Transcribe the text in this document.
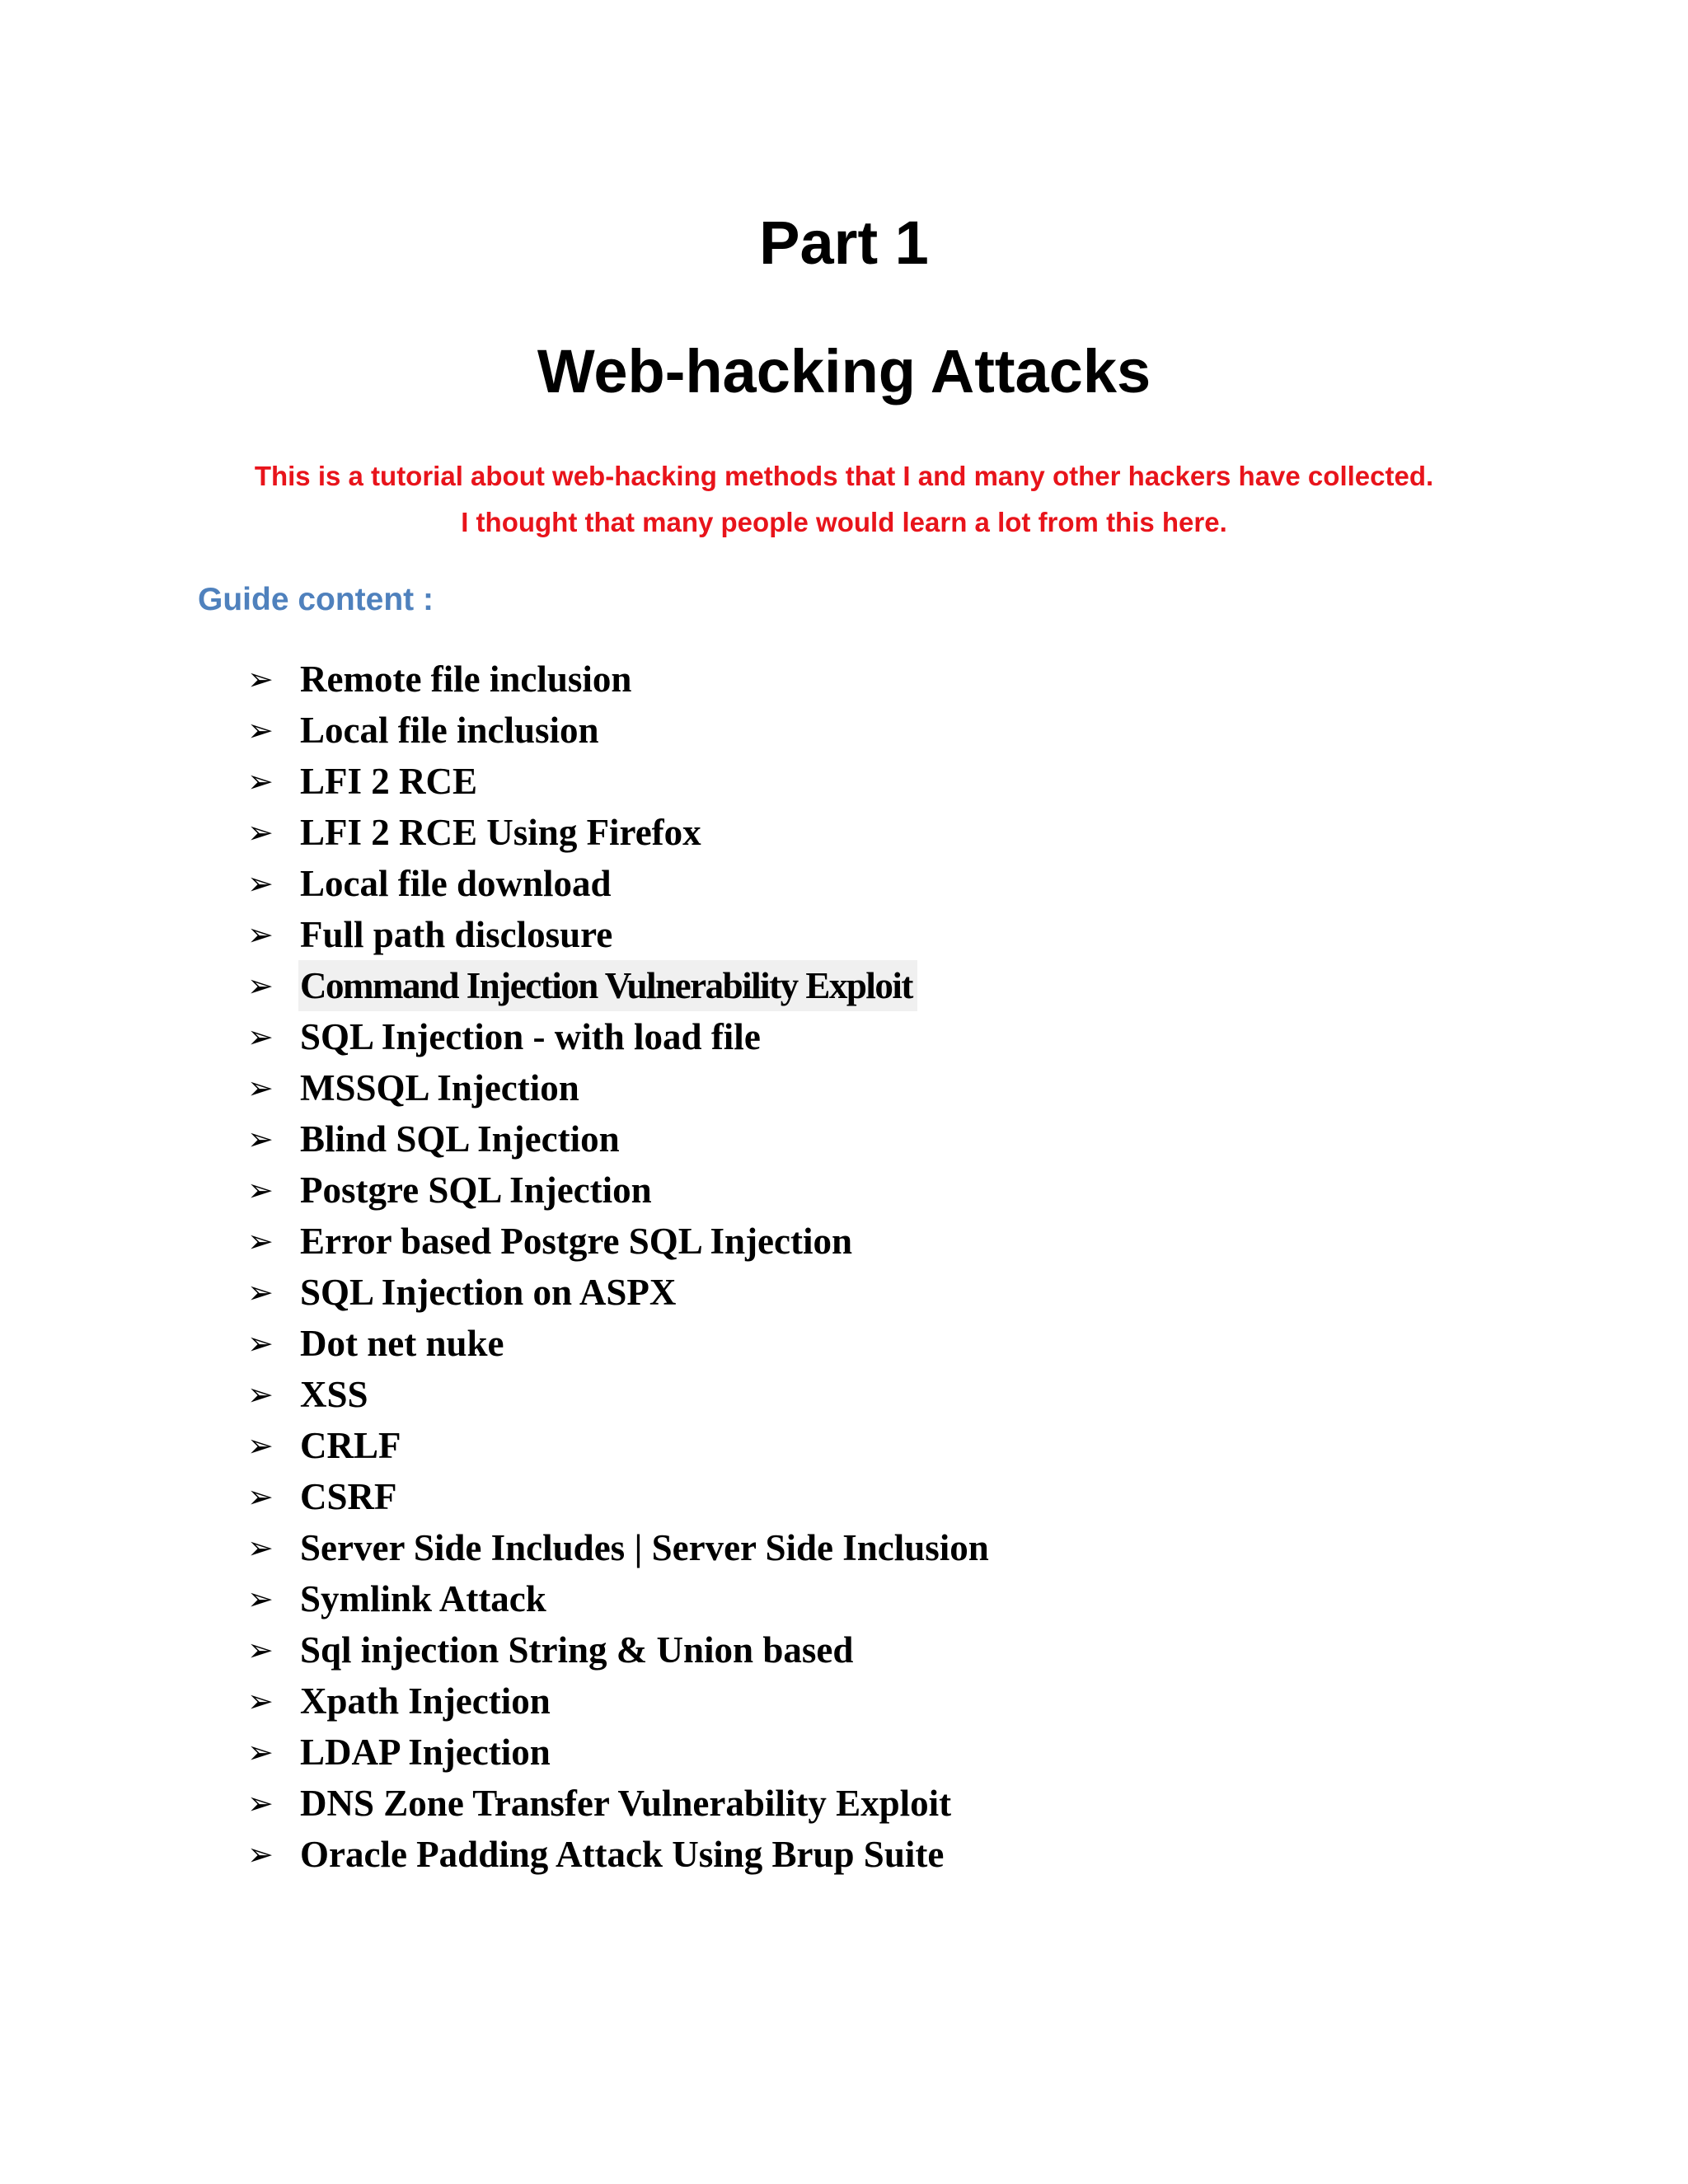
Part 1
Web-hacking Attacks

This is a tutorial about web-hacking methods that I and many other hackers have collected.
I thought that many people would learn a lot from this here.

Guide content :
➢ Remote file inclusion
➢ Local file inclusion
➢ LFI 2 RCE
➢ LFI 2 RCE Using Firefox
➢ Local file download
➢ Full path disclosure
➢ Command Injection Vulnerability Exploit
➢ SQL Injection - with load file
➢ MSSQL Injection
➢ Blind SQL Injection
➢ Postgre SQL Injection
➢ Error based Postgre SQL Injection
➢ SQL Injection on ASPX
➢ Dot net nuke
➢ XSS
➢ CRLF
➢ CSRF
➢ Server Side Includes | Server Side Inclusion
➢ Symlink Attack
➢ Sql injection String & Union based
➢ Xpath Injection
➢ LDAP Injection
➢ DNS Zone Transfer Vulnerability Exploit
➢ Oracle Padding Attack Using Brup Suite
